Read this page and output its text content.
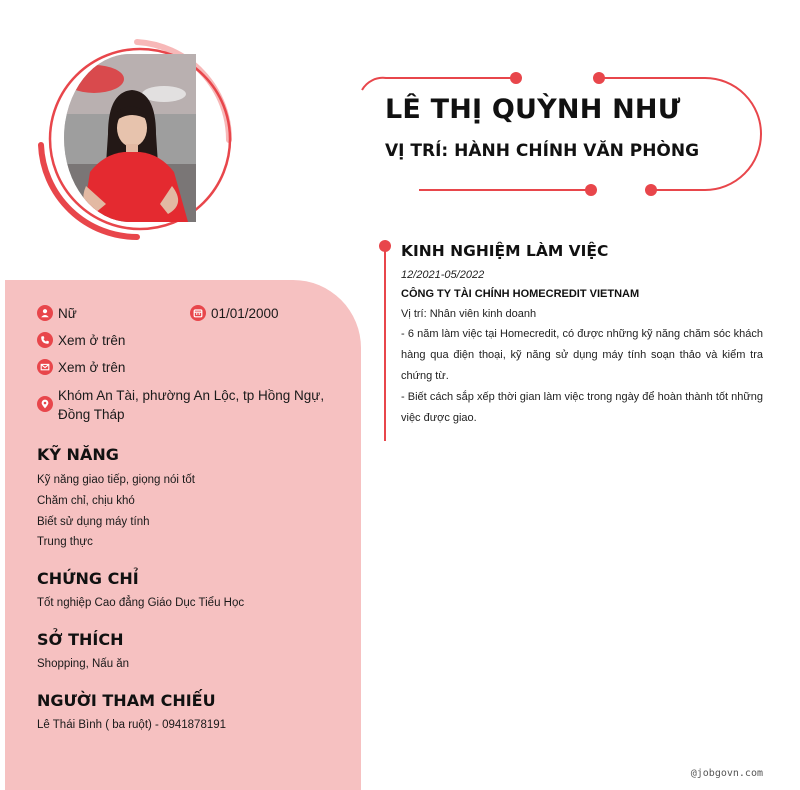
LÊ THỊ QUỲNH NHƯ
VỊ TRÍ: HÀNH CHÍNH VĂN PHÒNG
Nữ	01/01/2000
Xem ở trên
Xem ở trên
Khóm An Tài, phường An Lộc, tp Hồng Ngự, Đồng Tháp
KỸ NĂNG
Kỹ năng giao tiếp, giọng nói tốt
Chăm chỉ, chịu khó
Biết sử dụng máy tính
Trung thực
CHỨNG CHỈ
Tốt nghiệp Cao đẳng Giáo Dục Tiểu Học
SỞ THÍCH
Shopping, Nấu ăn
NGƯỜI THAM CHIẾU
Lê Thái Bình ( ba ruột) - 0941878191
KINH NGHIỆM LÀM VIỆC
12/2021-05/2022
CÔNG TY TÀI CHÍNH HOMECREDIT VIETNAM
Vị trí: Nhân viên kinh doanh
- 6 năm làm việc tại Homecredit, có được những kỹ năng chăm sóc khách hàng qua điện thoại, kỹ năng sử dụng máy tính soạn thảo và kiểm tra chứng từ.
- Biết cách sắp xếp thời gian làm việc trong ngày để hoàn thành tốt những việc được giao.
@jobgovn.com
